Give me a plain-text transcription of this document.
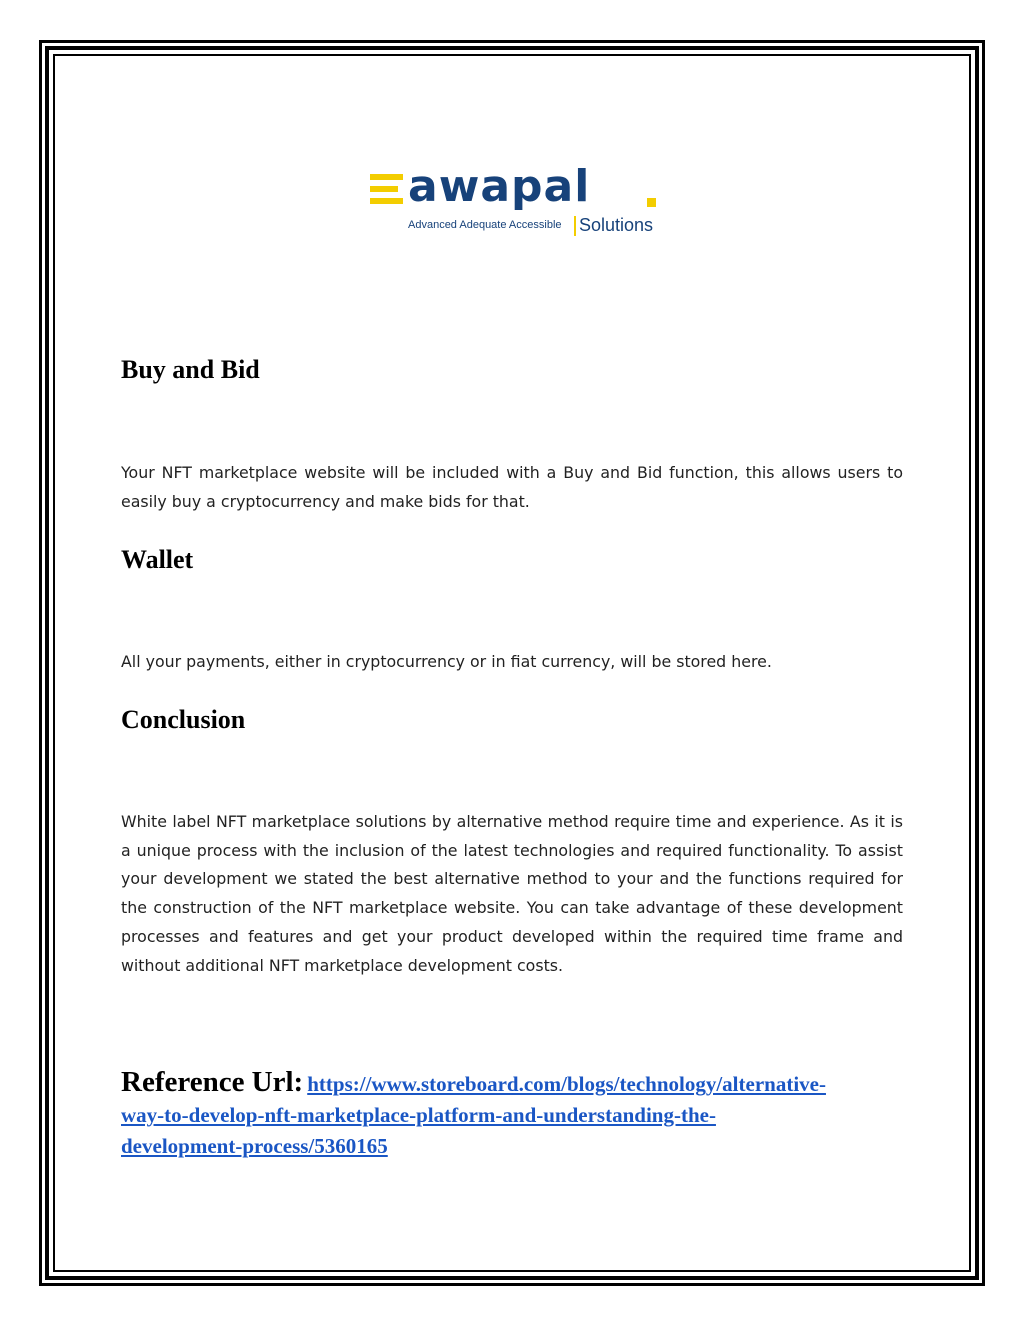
awapal
Advanced Adequate Accessible Solutions
Buy and Bid

Your NFT marketplace website will be included with a Buy and Bid function, this allows users to easily buy a cryptocurrency and make bids for that.

Wallet

All your payments, either in cryptocurrency or in fiat currency, will be stored here.

Conclusion

White label NFT marketplace solutions by alternative method require time and experience. As it is a unique process with the inclusion of the latest technologies and required functionality. To assist your development we stated the best alternative method to your and the functions required for the construction of the NFT marketplace website. You can take advantage of these development processes and features and get your product developed within the required time frame and without additional NFT marketplace development costs.

Reference Url: https://www.storeboard.com/blogs/technology/alternative-
way-to-develop-nft-marketplace-platform-and-understanding-the-
development-process/5360165
